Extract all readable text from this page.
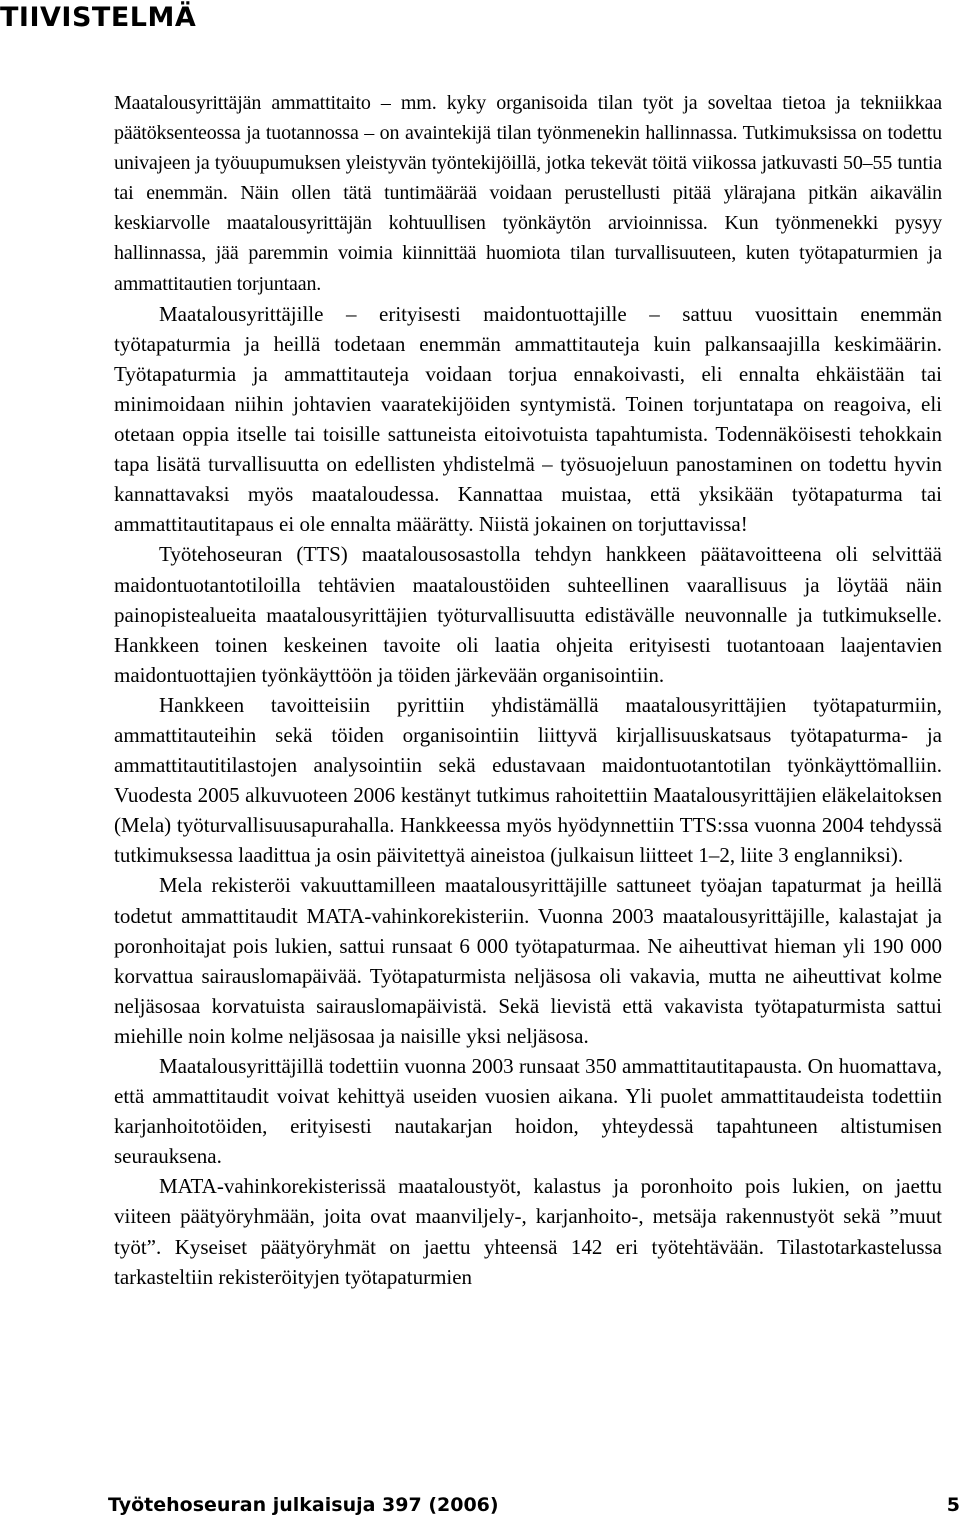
TIIVISTELMÄ

Maatalousyrittäjän ammattitaito – mm. kyky organisoida tilan työt ja soveltaa tietoa ja tekniikkaa päätöksenteossa ja tuotannossa – on avaintekijä tilan työnmenekin hallinnassa. Tutkimuksissa on todettu univajeen ja työuupumuksen yleistyvän työntekijöillä, jotka tekevät töitä viikossa jatkuvasti 50–55 tuntia tai enemmän. Näin ollen tätä tuntimäärää voidaan perustellusti pitää ylärajana pitkän aikavälin keskiarvolle maatalousyrittäjän kohtuullisen työnkäytön arvioinnissa. Kun työnmenekki pysyy hallinnassa, jää paremmin voimia kiinnittää huomiota tilan turvallisuuteen, kuten työtapaturmien ja ammattitautien torjuntaan.

Maatalousyrittäjille – erityisesti maidontuottajille – sattuu vuosittain enemmän työtapaturmia ja heillä todetaan enemmän ammattitauteja kuin palkansaajilla keskimäärin. Työtapaturmia ja ammattitauteja voidaan torjua ennakoivasti, eli ennalta ehkäistään tai minimoidaan niihin johtavien vaaratekijöiden syntymistä. Toinen torjuntatapa on reagoiva, eli otetaan oppia itselle tai toisille sattuneista eitoivotuista tapahtumista. Todennäköisesti tehokkain tapa lisätä turvallisuutta on edellisten yhdistelmä – työsuojeluun panostaminen on todettu hyvin kannattavaksi myös maataloudessa. Kannattaa muistaa, että yksikään työtapaturma tai ammattitautitapaus ei ole ennalta määrätty. Niistä jokainen on torjuttavissa!

Työtehoseuran (TTS) maatalousosastolla tehdyn hankkeen päätavoitteena oli selvittää maidontuotantotiloilla tehtävien maataloustöiden suhteellinen vaarallisuus ja löytää näin painopistealueita maatalousyrittäjien työturvallisuutta edistävälle neuvonnalle ja tutkimukselle. Hankkeen toinen keskeinen tavoite oli laatia ohjeita erityisesti tuotantoaan laajentavien maidontuottajien työnkäyttöön ja töiden järkevään organisointiin.

Hankkeen tavoitteisiin pyrittiin yhdistämällä maatalousyrittäjien työtapaturmiin, ammattitauteihin sekä töiden organisointiin liittyvä kirjallisuuskatsaus työtapaturma- ja ammattitautitilastojen analysointiin sekä edustavaan maidontuotantotilan työnkäyttömalliin. Vuodesta 2005 alkuvuoteen 2006 kestänyt tutkimus rahoitettiin Maatalousyrittäjien eläkelaitoksen (Mela) työturvallisuusapurahalla. Hankkeessa myös hyödynnettiin TTS:ssa vuonna 2004 tehdyssä tutkimuksessa laadittua ja osin päivitettyä aineistoa (julkaisun liitteet 1–2, liite 3 englanniksi).

Mela rekisteröi vakuuttamilleen maatalousyrittäjille sattuneet työajan tapaturmat ja heillä todetut ammattitaudit MATA-vahinkorekisteriin. Vuonna 2003 maatalousyrittäjille, kalastajat ja poronhoitajat pois lukien, sattui runsaat 6 000 työtapaturmaa. Ne aiheuttivat hieman yli 190 000 korvattua sairauslomapäivää. Työtapaturmista neljäsosa oli vakavia, mutta ne aiheuttivat kolme neljäsosaa korvatuista sairauslomapäivistä. Sekä lievistä että vakavista työtapaturmista sattui miehille noin kolme neljäsosaa ja naisille yksi neljäsosa.

Maatalousyrittäjillä todettiin vuonna 2003 runsaat 350 ammattitautitapausta. On huomattava, että ammattitaudit voivat kehittyä useiden vuosien aikana. Yli puolet ammattitaudeista todettiin karjanhoitotöiden, erityisesti nautakarjan hoidon, yhteydessä tapahtuneen altistumisen seurauksena.

MATA-vahinkorekisterissä maataloustyöt, kalastus ja poronhoito pois lukien, on jaettu viiteen päätyöryhmään, joita ovat maanviljely-, karjanhoito-, metsäja rakennustyöt sekä ”muut työt”. Kyseiset päätyöryhmät on jaettu yhteensä 142 eri työtehtävään. Tilastotarkastelussa tarkasteltiin rekisteröityjen työtapaturmien

Työtehoseuran julkaisuja 397 (2006)	5
